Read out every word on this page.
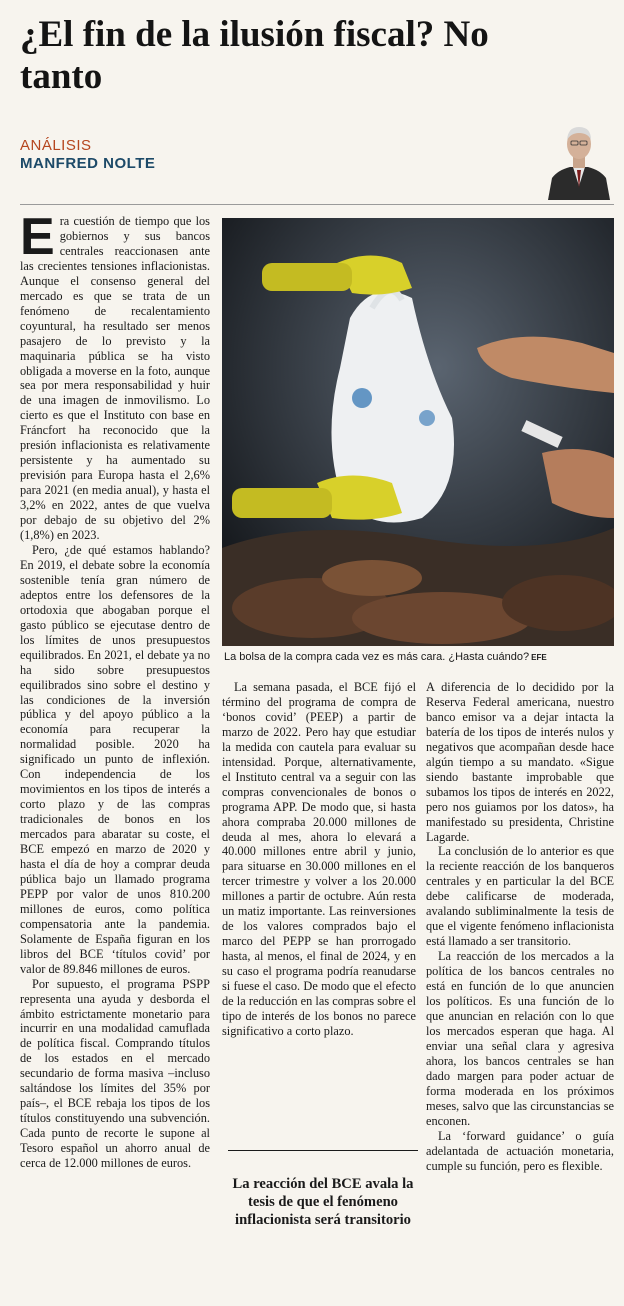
¿El fin de la ilusión fiscal? No tanto
ANÁLISIS
MANFRED NOLTE

Era cuestión de tiempo que los gobiernos y sus bancos centrales reaccionasen ante las crecientes tensiones inflacionistas. Aunque el consenso general del mercado es que se trata de un fenómeno de recalentamiento coyuntural, ha resultado ser menos pasajero de lo previsto y la maquinaria pública se ha visto obligada a moverse en la foto, aunque sea por mera responsabilidad y huir de una imagen de inmovilismo. Lo cierto es que el Instituto con base en Fráncfort ha reconocido que la presión inflacionista es relativamente persistente y ha aumentado su previsión para Europa hasta el 2,6% para 2021 (en media anual), y hasta el 3,2% en 2022, antes de que vuelva por debajo de su objetivo del 2% (1,8%) en 2023.

Pero, ¿de qué estamos hablando? En 2019, el debate sobre la economía sostenible tenía gran número de adeptos entre los defensores de la ortodoxia que abogaban porque el gasto público se ejecutase dentro de los límites de unos presupuestos equilibrados. En 2021, el debate ya no ha sido sobre presupuestos equilibrados sino sobre el destino y las condiciones de la inversión pública y del apoyo público a la economía para recuperar la normalidad posible. 2020 ha significado un punto de inflexión. Con independencia de los movimientos en los tipos de interés a corto plazo y de las compras tradicionales de bonos en los mercados para abaratar su coste, el BCE empezó en marzo de 2020 y hasta el día de hoy a comprar deuda pública bajo un llamado programa PEPP por valor de unos 810.200 millones de euros, como política compensatoria ante la pandemia. Solamente de España figuran en los libros del BCE ‘títulos covid’ por valor de 89.846 millones de euros.

Por supuesto, el programa PSPP representa una ayuda y desborda el ámbito estrictamente monetario para incurrir en una modalidad camuflada de política fiscal. Comprando títulos de los estados en el mercado secundario de forma masiva –incluso saltándose los límites del 35% por país–, el BCE rebaja los tipos de los títulos constituyendo una subvención. Cada punto de recorte le supone al Tesoro español un ahorro anual de cerca de 12.000 millones de euros.

La bolsa de la compra cada vez es más cara. ¿Hasta cuándo? EFE

La semana pasada, el BCE fijó el término del programa de compra de ‘bonos covid’ (PEEP) a partir de marzo de 2022. Pero hay que estudiar la medida con cautela para evaluar su intensidad. Porque, alternativamente, el Instituto central va a seguir con las compras convencionales de bonos o programa APP. De modo que, si hasta ahora compraba 20.000 millones de deuda al mes, ahora lo elevará a 40.000 millones entre abril y junio, para situarse en 30.000 millones en el tercer trimestre y volver a los 20.000 millones a partir de octubre. Aún resta un matiz importante. Las reinversiones de los valores comprados bajo el marco del PEPP se han prorrogado hasta, al menos, el final de 2024, y en su caso el programa podría reanudarse si fuese el caso. De modo que el efecto de la reducción en las compras sobre el tipo de interés de los bonos no parece significativo a corto plazo.

La reacción del BCE avala la tesis de que el fenómeno inflacionista será transitorio

A diferencia de lo decidido por la Reserva Federal americana, nuestro banco emisor va a dejar intacta la batería de los tipos de interés nulos y negativos que acompañan desde hace algún tiempo a su mandato. «Sigue siendo bastante improbable que subamos los tipos de interés en 2022, pero nos guiamos por los datos», ha manifestado su presidenta, Christine Lagarde.

La conclusión de lo anterior es que la reciente reacción de los banqueros centrales y en particular la del BCE debe calificarse de moderada, avalando subliminalmente la tesis de que el vigente fenómeno inflacionista está llamado a ser transitorio.

La reacción de los mercados a la política de los bancos centrales no está en función de lo que anuncien los políticos. Es una función de lo que anuncian en relación con lo que los mercados esperan que haga. Al enviar una señal clara y agresiva ahora, los bancos centrales se han dado margen para poder actuar de forma moderada en los próximos meses, salvo que las circunstancias se enconen.

La ‘forward guidance’ o guía adelantada de actuación monetaria, cumple su función, pero es flexible.
